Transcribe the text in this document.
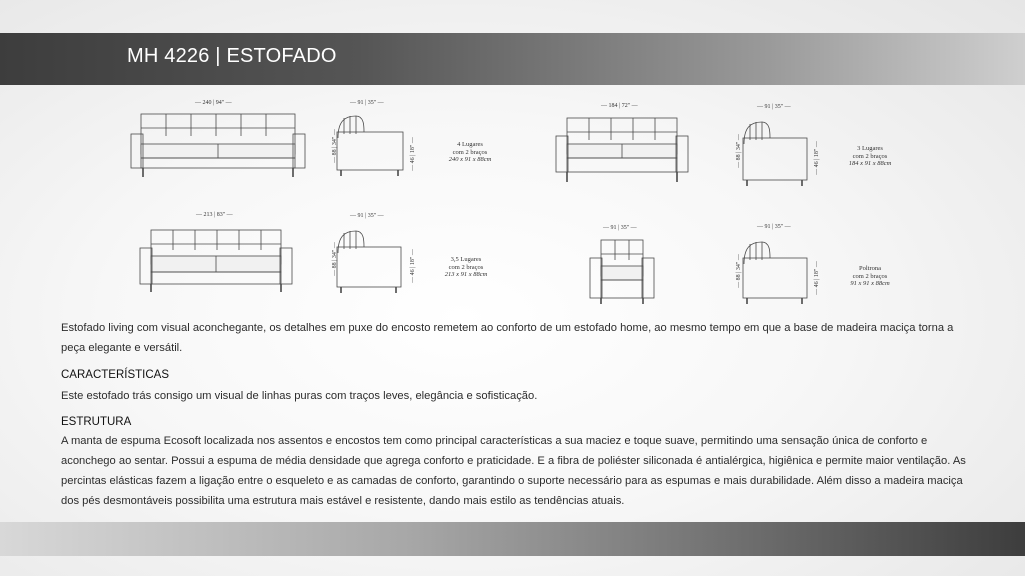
MH 4226 | ESTOFADO
— 240 | 94" —	— 91 | 35" —
— 88 | 34" —
— 46 | 18" —	4 Lugares
com 2 braços
240 x 91 x 88cm
— 184 | 72" —	— 91 | 35" —
— 88 | 34" —
— 46 | 18" —	3 Lugares
com 2 braços
184 x 91 x 88cm
— 213 | 83" —	— 91 | 35" —
— 88 | 34" —
— 46 | 18" —
3,5 Lugares
com 2 braços
213 x 91 x 88cm
— 91 | 35" —	— 91 | 35" —
— 88 | 34" —
— 46 | 18" —	Poltrona
com 2 braços
91 x 91 x 88cm
Estofado living com visual aconchegante, os detalhes em puxe do encosto remetem ao conforto de um estofado home, ao mesmo tempo em que a base de madeira maciça torna a peça elegante e versátil.
CARACTERÍSTICAS
Este estofado trás consigo um visual de linhas puras com traços leves, elegância e sofisticação.
ESTRUTURA
A manta de espuma Ecosoft localizada nos assentos e encostos tem como principal características a sua maciez e toque suave, permitindo uma sensação única de conforto e aconchego ao sentar. Possui a espuma de média densidade que agrega conforto e praticidade. E a fibra de poliéster siliconada é antialérgica, higiênica e permite maior ventilação. As percintas elásticas fazem a ligação entre o esqueleto e as camadas de conforto, garantindo o suporte necessário para as espumas e mais durabilidade. Além disso a madeira maciça dos pés desmontáveis possibilita uma estrutura mais estável e resistente, dando mais estilo as tendências atuais.
